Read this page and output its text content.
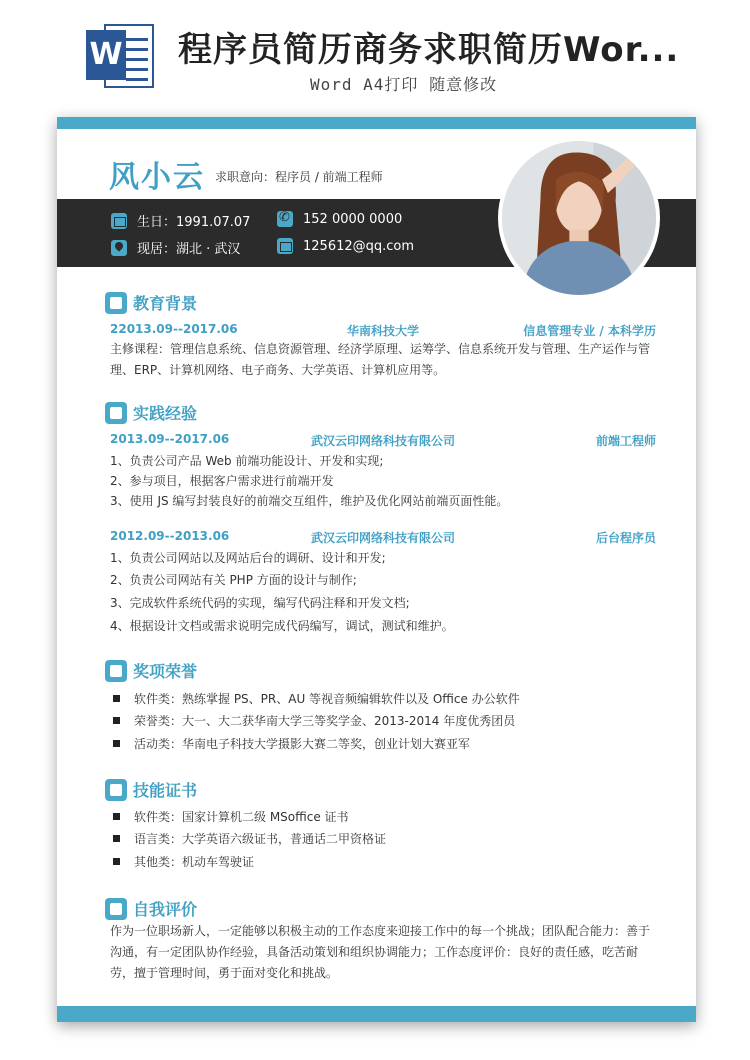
W 程序员简历商务求职简历Wor...
Word A4打印 随意修改
风小云 求职意向：程序员 / 前端工程师
生日：1991.07.07
现居：湖北 · 武汉
✆
152 0000 0000
125612@qq.com
教育背景
22013.09--2017.06	华南科技大学	信息管理专业 / 本科学历
主修课程：管理信息系统、信息资源管理、经济学原理、运筹学、信息系统开发与管理、生产运作与管理、ERP、计算机网络、电子商务、大学英语、计算机应用等。
实践经验
2013.09--2017.06	武汉云印网络科技有限公司	前端工程师
1、负责公司产品 Web 前端功能设计、开发和实现;
2、参与项目，根据客户需求进行前端开发
3、使用 JS 编写封装良好的前端交互组件，维护及优化网站前端页面性能。
2012.09--2013.06	武汉云印网络科技有限公司	后台程序员
1、负责公司网站以及网站后台的调研、设计和开发;
2、负责公司网站有关 PHP 方面的设计与制作;
3、完成软件系统代码的实现，编写代码注释和开发文档;
4、根据设计文档或需求说明完成代码编写，调试，测试和维护。
奖项荣誉
软件类：熟练掌握 PS、PR、AU 等视音频编辑软件以及 Office 办公软件
荣誉类：大一、大二获华南大学三等奖学金、2013-2014 年度优秀团员
活动类：华南电子科技大学摄影大赛二等奖，创业计划大赛亚军
技能证书
软件类：国家计算机二级 MSoffice 证书
语言类：大学英语六级证书，普通话二甲资格证
其他类：机动车驾驶证
自我评价
作为一位职场新人，一定能够以积极主动的工作态度来迎接工作中的每一个挑战；团队配合能力：善于沟通，有一定团队协作经验，具备活动策划和组织协调能力；工作态度评价：良好的责任感，吃苦耐劳，擅于管理时间，勇于面对变化和挑战。
